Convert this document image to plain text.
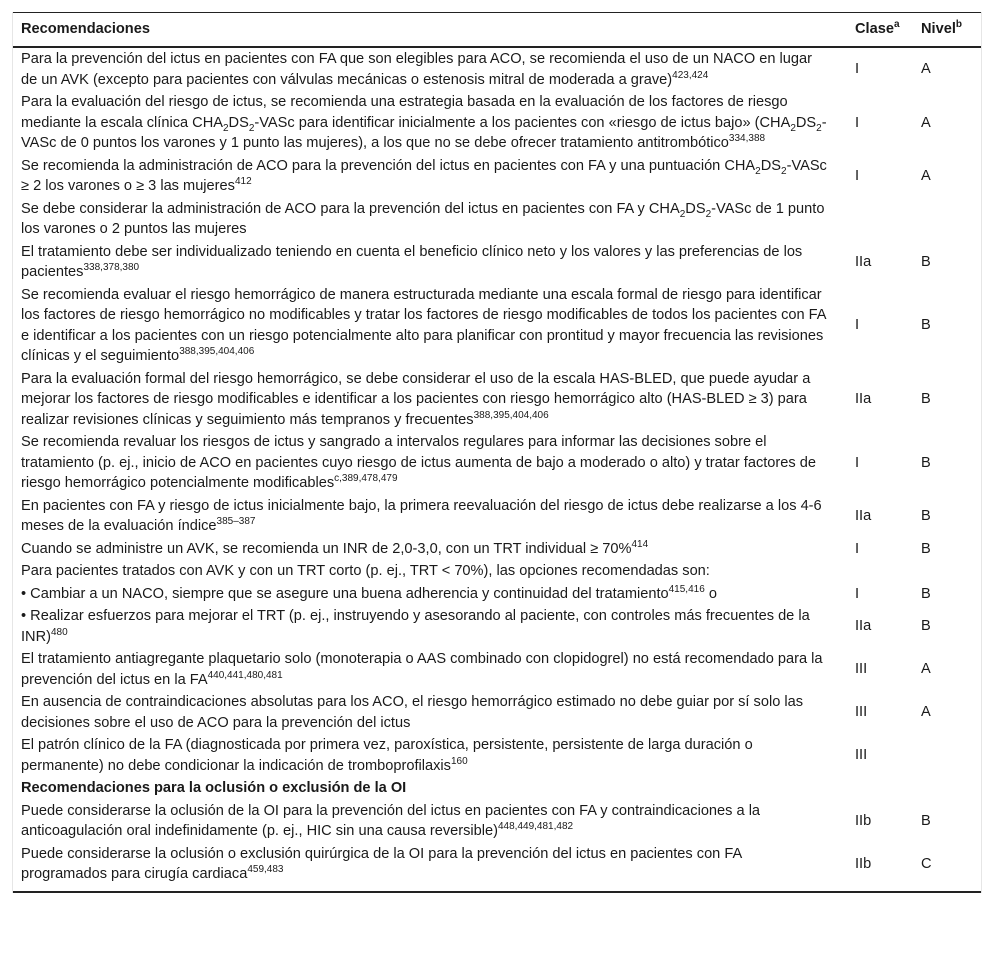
Recomendaciones	Clase$^a$	Nivel$^b$
Para la prevención del ictus en pacientes con FA que son elegibles para ACO, se recomienda el uso de un NACO en lugar de un AVK (excepto para pacientes con válvulas mecánicas o estenosis mitral de moderada a grave)$^{423,424}$	I	A
Para la evaluación del riesgo de ictus, se recomienda una estrategia basada en la evaluación de los factores de riesgo mediante la escala clínica $CHA_2DS_2$-VASc para identificar inicialmente a los pacientes con «riesgo de ictus bajo» ($CHA_2DS_2$-VASc de 0 puntos los varones y 1 punto las mujeres), a los que no se debe ofrecer tratamiento antitrombótico$^{334,388}$	I	A
Se recomienda la administración de ACO para la prevención del ictus en pacientes con FA y una puntuación $CHA_2DS_2$-VASc ≥ 2 los varones o ≥ 3 las mujeres$^{412}$	I	A
Se debe considerar la administración de ACO para la prevención del ictus en pacientes con FA y $CHA_2DS_2$-VASc de 1 punto los varones o 2 puntos las mujeres		
El tratamiento debe ser individualizado teniendo en cuenta el beneficio clínico neto y los valores y las preferencias de los pacientes$^{338,378,380}$	IIa	B
Se recomienda evaluar el riesgo hemorrágico de manera estructurada mediante una escala formal de riesgo para identificar los factores de riesgo hemorrágico no modificables y tratar los factores de riesgo modificables de todos los pacientes con FA e identificar a los pacientes con un riesgo potencialmente alto para planificar con prontitud y mayor frecuencia las revisiones clínicas y el seguimiento$^{388,395,404,406}$	I	B
Para la evaluación formal del riesgo hemorrágico, se debe considerar el uso de la escala HAS-BLED, que puede ayudar a mejorar los factores de riesgo modificables e identificar a los pacientes con riesgo hemorrágico alto (HAS-BLED ≥ 3) para realizar revisiones clínicas y seguimiento más tempranos y frecuentes$^{388,395,404,406}$	IIa	B
Se recomienda revaluar los riesgos de ictus y sangrado a intervalos regulares para informar las decisiones sobre el tratamiento (p. ej., inicio de ACO en pacientes cuyo riesgo de ictus aumenta de bajo a moderado o alto) y tratar factores de riesgo hemorrágico potencialmente modificables$^{c,389,478,479}$	I	B
En pacientes con FA y riesgo de ictus inicialmente bajo, la primera reevaluación del riesgo de ictus debe realizarse a los 4-6 meses de la evaluación índice$^{385-387}$	IIa	B
Cuando se administre un AVK, se recomienda un INR de 2,0-3,0, con un TRT individual ≥ 70%$^{414}$	I	B
Para pacientes tratados con AVK y con un TRT corto (p. ej., TRT < 70%), las opciones recomendadas son:		
• Cambiar a un NACO, siempre que se asegure una buena adherencia y continuidad del tratamiento$^{415,416}$ o	I	B
• Realizar esfuerzos para mejorar el TRT (p. ej., instruyendo y asesorando al paciente, con controles más frecuentes de la INR)$^{480}$	IIa	B
El tratamiento antiagregante plaquetario solo (monoterapia o AAS combinado con clopidogrel) no está recomendado para la prevención del ictus en la FA$^{440,441,480,481}$	III	A
En ausencia de contraindicaciones absolutas para los ACO, el riesgo hemorrágico estimado no debe guiar por sí solo las decisiones sobre el uso de ACO para la prevención del ictus	III	A
El patrón clínico de la FA (diagnosticada por primera vez, paroxística, persistente, persistente de larga duración o permanente) no debe condicionar la indicación de tromboprofilaxis$^{160}$	III	
Recomendaciones para la oclusión o exclusión de la OI		
Puede considerarse la oclusión de la OI para la prevención del ictus en pacientes con FA y contraindicaciones a la anticoagulación oral indefinidamente (p. ej., HIC sin una causa reversible)$^{448,449,481,482}$	IIb	B
Puede considerarse la oclusión o exclusión quirúrgica de la OI para la prevención del ictus en pacientes con FA programados para cirugía cardiaca$^{459,483}$	IIb	C
